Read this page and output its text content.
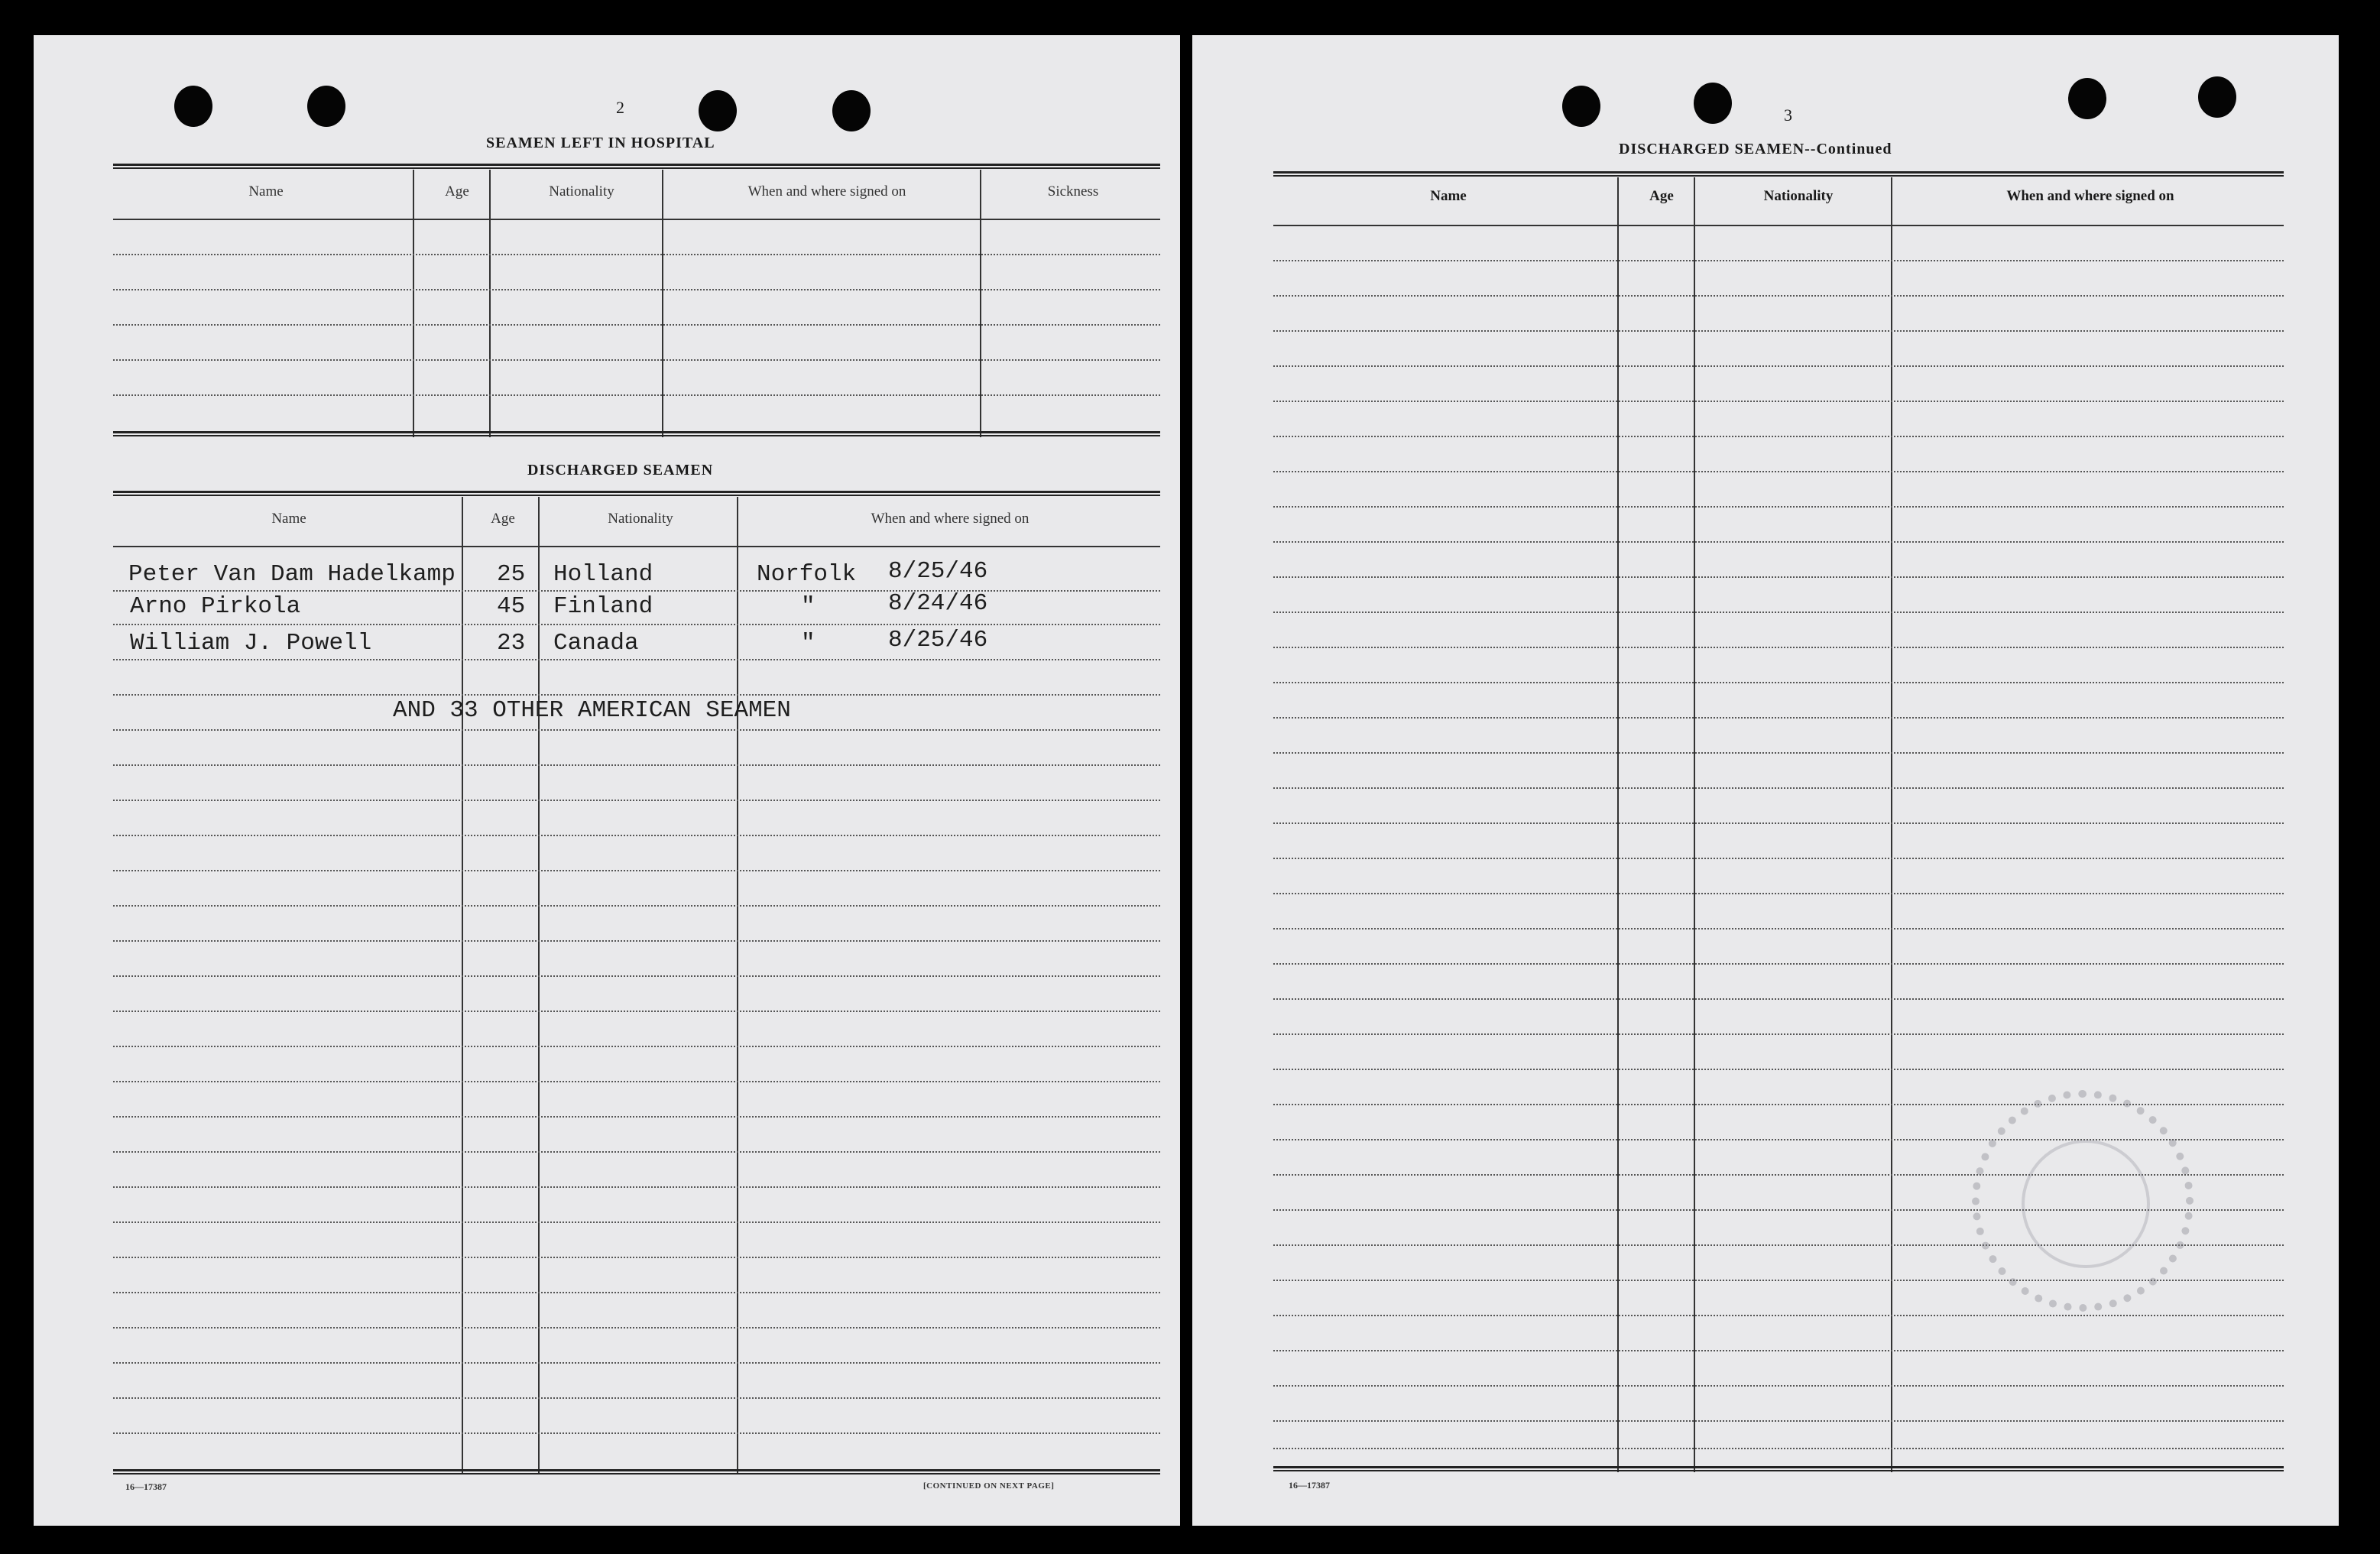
2
SEAMEN LEFT IN HOSPITAL
Name	Age	Nationality	When and where signed on	Sickness
DISCHARGED SEAMEN
Name	Age	Nationality	When and where signed on
Peter Van Dam Hadelkamp 25 Holland	Norfolk 8/25/46
Arno Pirkola	45 Finland	"	8/24/46
William J. Powell	23 Canada	"	8/25/46
AND 33 OTHER AMERICAN SEAMEN
16—17387	[CONTINUED ON NEXT PAGE]
3
DISCHARGED SEAMEN--Continued
Name	Age	Nationality	When and where signed on
16—17387
